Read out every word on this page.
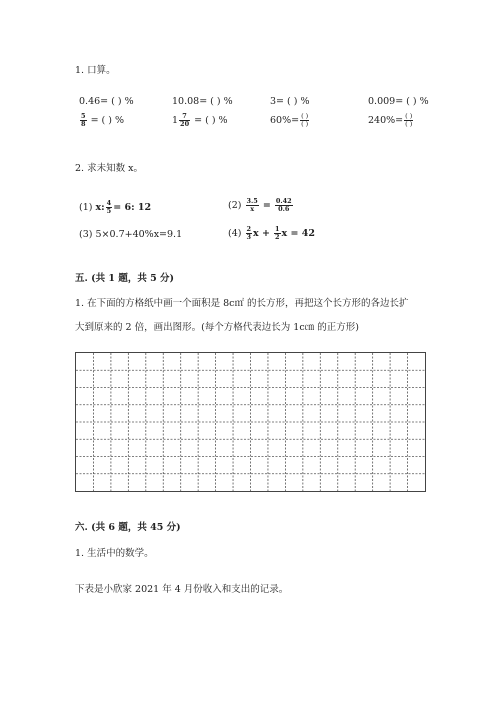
1. 口算。
0.46= ( ) %	10.08= ( ) %	3= ( ) %	0.009= ( ) %
$\frac{5}{8}$ = ( ) %	$1 \frac{7}{20}$ = ( ) %	$60\%= \frac{( )}{( )}$	$240\%= \frac{( )}{( )}$
2. 求未知数 x。
(1) x: $\frac{4}{5} = 6$: 12	$(2) \frac{3.5}{x} = \frac{0.42}{0.6}$
(3) 5×0.7+40%x=9.1	$(4) \frac{2}{3}$ $x + \frac{1}{2}$ x = 42
五. (共 1 题，共 5 分)
1. 在下面的方格纸中画一个面积是 8c㎡ 的长方形，再把这个长方形的各边长扩
大到原来的 2 倍，画出图形。(每个方格代表边长为 1c㎝ 的正方形)
六. (共 6 题，共 45 分)
1. 生活中的数学。
下表是小欣家 2021 年 4 月份收入和支出的记录。
